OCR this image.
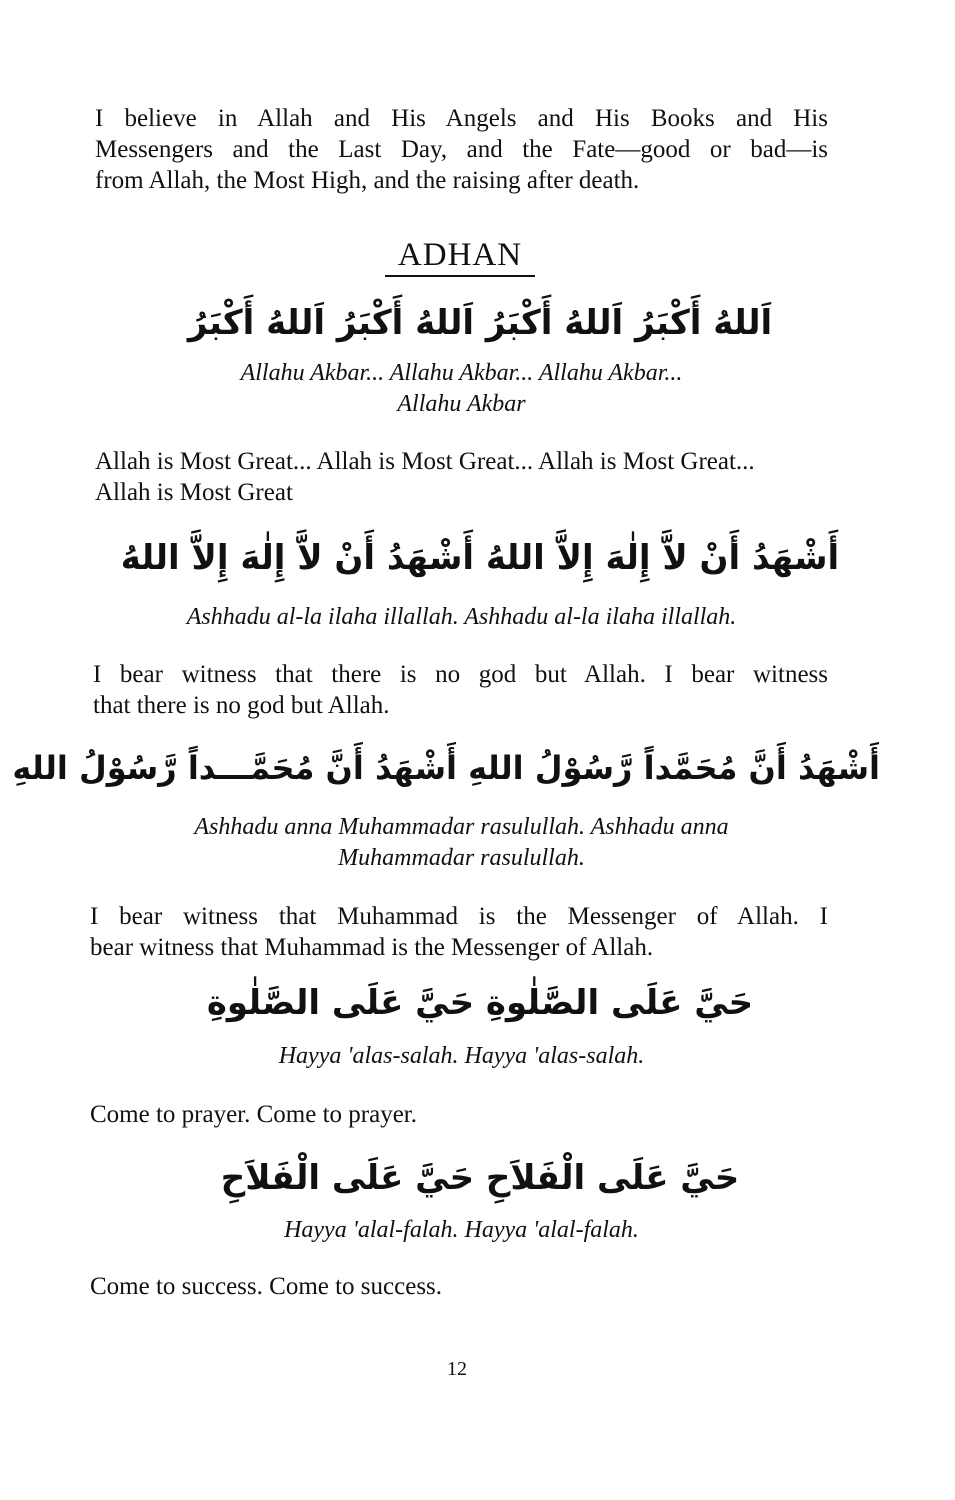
I believe in Allah and His Angels and His Books and His

Messengers and the Last Day, and the Fate—good or bad—is

from Allah, the Most High, and the raising after death.

ADHAN

اَللهُ أَكْبَرُ اَللهُ أَكْبَرُ اَللهُ أَكْبَرُ اَللهُ أَكْبَرُ

Allahu Akbar... Allahu Akbar... Allahu Akbar...

Allahu Akbar

Allah is Most Great... Allah is Most Great... Allah is Most Great...

Allah is Most Great

أَشْهَدُ أَنْ لاَّ إِلٰهَ إِلاَّ اللهُ أَشْهَدُ أَنْ لاَّ إِلٰهَ إِلاَّ اللهُ

Ashhadu al-la ilaha illallah. Ashhadu al-la ilaha illallah.

I bear witness that there is no god but Allah. I bear witness

that there is no god but Allah.

أَشْهَدُ أَنَّ مُحَمَّداً رَّسُوْلُ اللهِ أَشْهَدُ أَنَّ مُحَمَّـــداً رَّسُوْلُ اللهِ

Ashhadu anna Muhammadar rasulullah. Ashhadu anna

Muhammadar rasulullah.

I bear witness that Muhammad is the Messenger of Allah. I

bear witness that Muhammad is the Messenger of Allah.

حَيَّ عَلَى الصَّلٰوةِ حَيَّ عَلَى الصَّلٰوةِ

Hayya 'alas-salah. Hayya 'alas-salah.

Come to prayer. Come to prayer.

حَيَّ عَلَى الْفَلاَحِ حَيَّ عَلَى الْفَلاَحِ

Hayya 'alal-falah. Hayya 'alal-falah.

Come to success. Come to success.

12
